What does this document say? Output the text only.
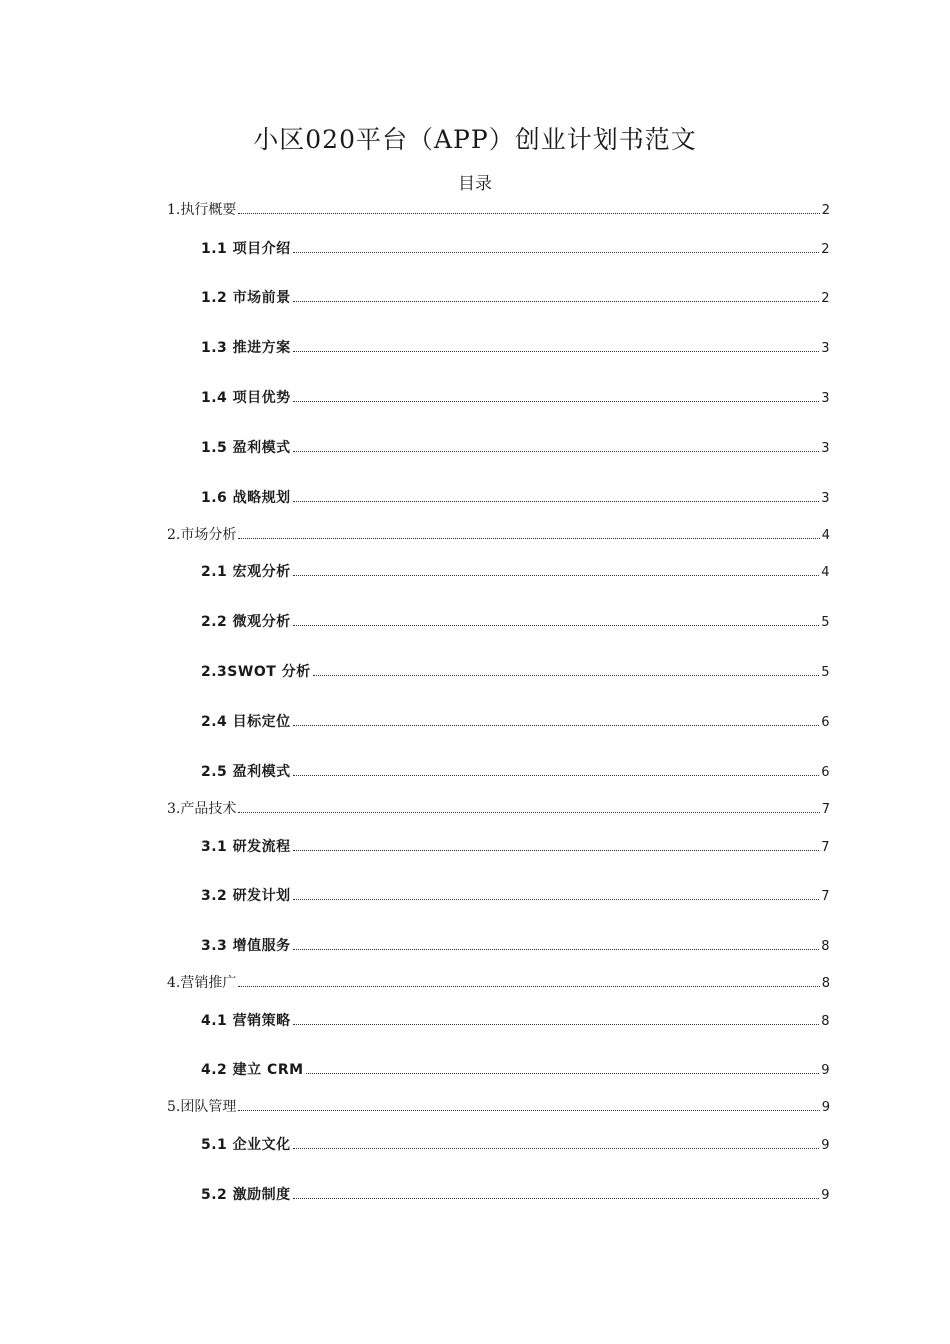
小区020平台（APP）创业计划书范文
目录
1.执行概要	2
1.1 项目介绍	2
1.2 市场前景	2
1.3 推进方案	3
1.4 项目优势	3
1.5 盈利模式	3
1.6 战略规划	3
2.市场分析	4
2.1 宏观分析	4
2.2 微观分析	5
2.3SWOT 分析	5
2.4 目标定位	6
2.5 盈利模式	6
3.产品技术	7
3.1 研发流程	7
3.2 研发计划	7
3.3 增值服务	8
4.营销推广	8
4.1 营销策略	8
4.2 建立 CRM	9
5.团队管理	9
5.1 企业文化	9
5.2 激励制度	9
